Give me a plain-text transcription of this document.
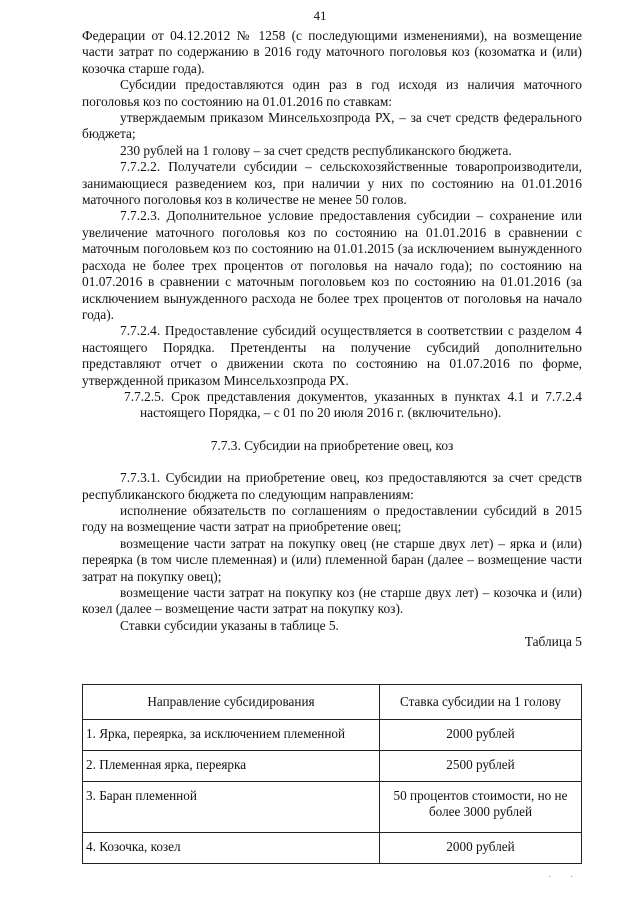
41

Федерации от 04.12.2012 № 1258 (с последующими изменениями), на возмещение части затрат по содержанию в 2016 году маточного поголовья коз (козоматка и (или) козочка старше года).

Субсидии предоставляются один раз в год исходя из наличия маточного поголовья коз по состоянию на 01.01.2016 по ставкам:

утверждаемым приказом Минсельхозпрода РХ, – за счет средств федерального бюджета;

230 рублей на 1 голову – за счет средств республиканского бюджета.

7.7.2.2. Получатели субсидии – сельскохозяйственные товаропроизводители, занимающиеся разведением коз, при наличии у них по состоянию на 01.01.2016 маточного поголовья коз в количестве не менее 50 голов.

7.7.2.3. Дополнительное условие предоставления субсидии – сохранение или увеличение маточного поголовья коз по состоянию на 01.01.2016 в сравнении с маточным поголовьем коз по состоянию на 01.01.2015 (за исключением вынужденного расхода не более трех процентов от поголовья на начало года); по состоянию на 01.07.2016 в сравнении с маточным поголовьем коз по состоянию на 01.01.2016 (за исключением вынужденного расхода не более трех процентов от поголовья на начало года).

7.7.2.4. Предоставление субсидий осуществляется в соответствии с разделом 4 настоящего Порядка. Претенденты на получение субсидий дополнительно представляют отчет о движении скота по состоянию на 01.07.2016 по форме, утвержденной приказом Минсельхозпрода РХ.

7.7.2.5. Срок представления документов, указанных в пунктах 4.1 и 7.7.2.4 настоящего Порядка, – с 01 по 20 июля 2016 г. (включительно).

7.7.3. Субсидии на приобретение овец, коз

7.7.3.1. Субсидии на приобретение овец, коз предоставляются за счет средств республиканского бюджета по следующим направлениям:

исполнение обязательств по соглашениям о предоставлении субсидий в 2015 году на возмещение части затрат на приобретение овец;

возмещение части затрат на покупку овец (не старше двух лет) – ярка и (или) переярка (в том числе племенная) и (или) племенной баран (далее – возмещение части затрат на покупку овец);

возмещение части затрат на покупку коз (не старше двух лет) – козочка и (или) козел (далее – возмещение части затрат на покупку коз).

Ставки субсидии указаны в таблице 5.

Таблица 5

Направление субсидирования	Ставка субсидии на 1 голову
1. Ярка, переярка, за исключением племенной	2000 рублей
2. Племенная ярка, переярка	2500 рублей
3. Баран племенной	50 процентов стоимости, но не более 3000 рублей
4. Козочка, козел	2000 рублей
· ·
